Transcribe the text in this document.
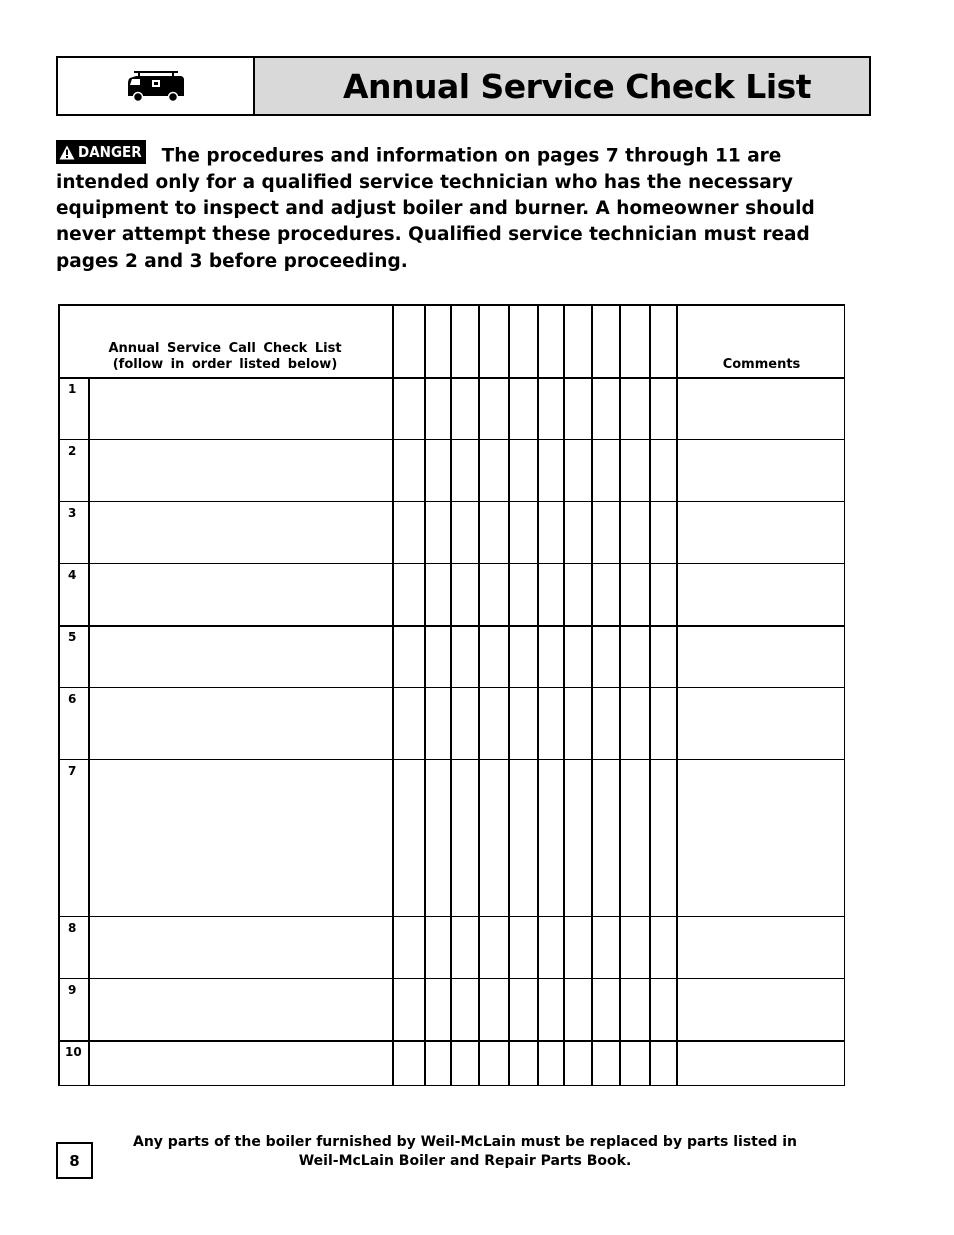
Annual Service Check List
DANGER The procedures and information on pages 7 through 11 are intended only for a qualified service technician who has the necessary equipment to inspect and adjust boiler and burner. A homeowner should never attempt these procedures. Qualified service technician must read pages 2 and 3 before proceeding.
Annual Service Call Check List
(follow in order listed below)	Comments
1
2
3
4
5
6
7
8
9
10
8
Any parts of the boiler furnished by Weil-McLain must be replaced by parts listed in
Weil-McLain Boiler and Repair Parts Book.
